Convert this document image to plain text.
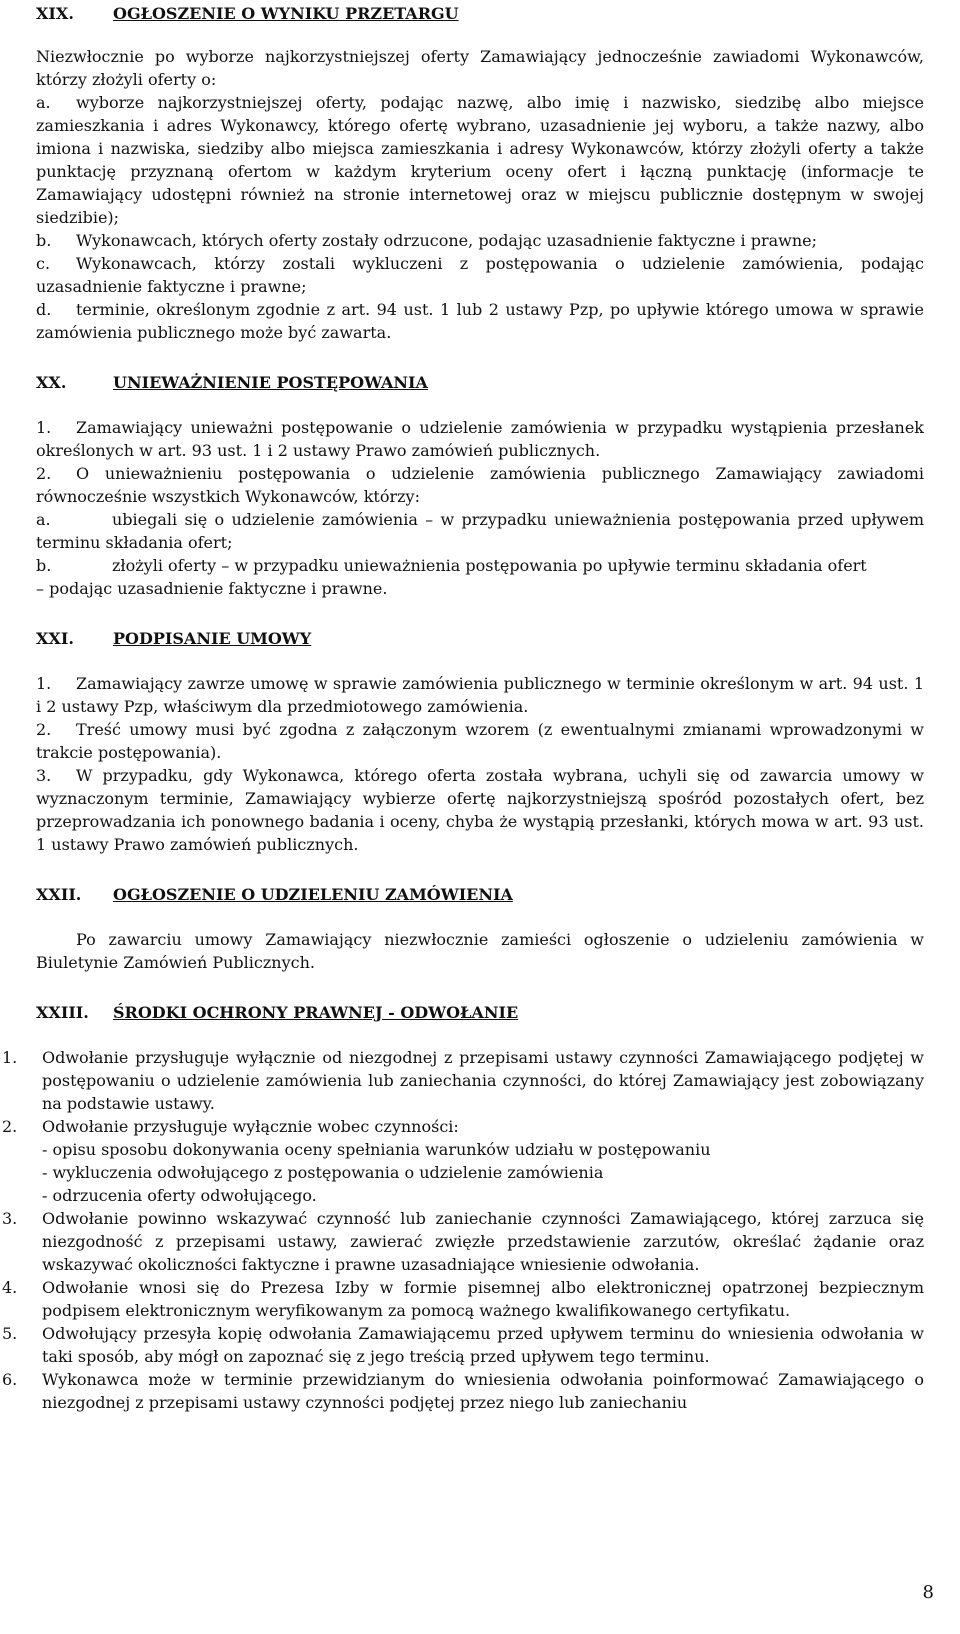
XIX. OGŁOSZENIE O WYNIKU PRZETARGU

Niezwłocznie po wyborze najkorzystniejszej oferty Zamawiający jednocześnie zawiadomi Wykonawców, którzy złożyli oferty o:

a. wyborze najkorzystniejszej oferty, podając nazwę, albo imię i nazwisko, siedzibę albo miejsce zamieszkania i adres Wykonawcy, którego ofertę wybrano, uzasadnienie jej wyboru, a także nazwy, albo imiona i nazwiska, siedziby albo miejsca zamieszkania i adresy Wykonawców, którzy złożyli oferty a także punktację przyznaną ofertom w każdym kryterium oceny ofert i łączną punktację (informacje te Zamawiający udostępni również na stronie internetowej oraz w miejscu publicznie dostępnym w swojej siedzibie);
b. Wykonawcach, których oferty zostały odrzucone, podając uzasadnienie faktyczne i prawne;
c. Wykonawcach, którzy zostali wykluczeni z postępowania o udzielenie zamówienia, podając uzasadnienie faktyczne i prawne;
d. terminie, określonym zgodnie z art. 94 ust. 1 lub 2 ustawy Pzp, po upływie którego umowa w sprawie zamówienia publicznego może być zawarta.
XX.	UNIEWAŻNIENIE POSTĘPOWANIA
1. Zamawiający unieważni postępowanie o udzielenie zamówienia w przypadku wystąpienia przesłanek określonych w art. 93 ust. 1 i 2 ustawy Prawo zamówień publicznych.
2. O unieważnieniu postępowania o udzielenie zamówienia publicznego Zamawiający zawiadomi równocześnie wszystkich Wykonawców, którzy:
a.	ubiegali się o udzielenie zamówienia – w przypadku unieważnienia postępowania przed upływem terminu składania ofert;
b.	złożyli oferty – w przypadku unieważnienia postępowania po upływie terminu składania ofert

– podając uzasadnienie faktyczne i prawne.

XXI. PODPISANIE UMOWY
1. Zamawiający zawrze umowę w sprawie zamówienia publicznego w terminie określonym w art. 94 ust. 1 i 2 ustawy Pzp, właściwym dla przedmiotowego zamówienia.
2. Treść umowy musi być zgodna z załączonym wzorem (z ewentualnymi zmianami wprowadzonymi w trakcie postępowania).
3. W przypadku, gdy Wykonawca, którego oferta została wybrana, uchyli się od zawarcia umowy w wyznaczonym terminie, Zamawiający wybierze ofertę najkorzystniejszą spośród pozostałych ofert, bez przeprowadzania ich ponownego badania i oceny, chyba że wystąpią przesłanki, których mowa w art. 93 ust. 1 ustawy Prawo zamówień publicznych.
XXII. OGŁOSZENIE O UDZIELENIU ZAMÓWIENIA

Po zawarciu umowy Zamawiający niezwłocznie zamieści ogłoszenie o udzieleniu zamówienia w Biuletynie Zamówień Publicznych.

XXIII. ŚRODKI OCHRONY PRAWNEJ - ODWOŁANIE
1. Odwołanie przysługuje wyłącznie od niezgodnej z przepisami ustawy czynności Zamawiającego podjętej w postępowaniu o udzielenie zamówienia lub zaniechania czynności, do której Zamawiający jest zobowiązany na podstawie ustawy.
2. Odwołanie przysługuje wyłącznie wobec czynności:
- opisu sposobu dokonywania oceny spełniania warunków udziału w postępowaniu
- wykluczenia odwołującego z postępowania o udzielenie zamówienia
- odrzucenia oferty odwołującego.
3. Odwołanie powinno wskazywać czynność lub zaniechanie czynności Zamawiającego, której zarzuca się niezgodność z przepisami ustawy, zawierać zwięzłe przedstawienie zarzutów, określać żądanie oraz wskazywać okoliczności faktyczne i prawne uzasadniające wniesienie odwołania.
4. Odwołanie wnosi się do Prezesa Izby w formie pisemnej albo elektronicznej opatrzonej bezpiecznym podpisem elektronicznym weryfikowanym za pomocą ważnego kwalifikowanego certyfikatu.
5. Odwołujący przesyła kopię odwołania Zamawiającemu przed upływem terminu do wniesienia odwołania w taki sposób, aby mógł on zapoznać się z jego treścią przed upływem tego terminu.
6. Wykonawca może w terminie przewidzianym do wniesienia odwołania poinformować Zamawiającego o niezgodnej z przepisami ustawy czynności podjętej przez niego lub zaniechaniu
8
